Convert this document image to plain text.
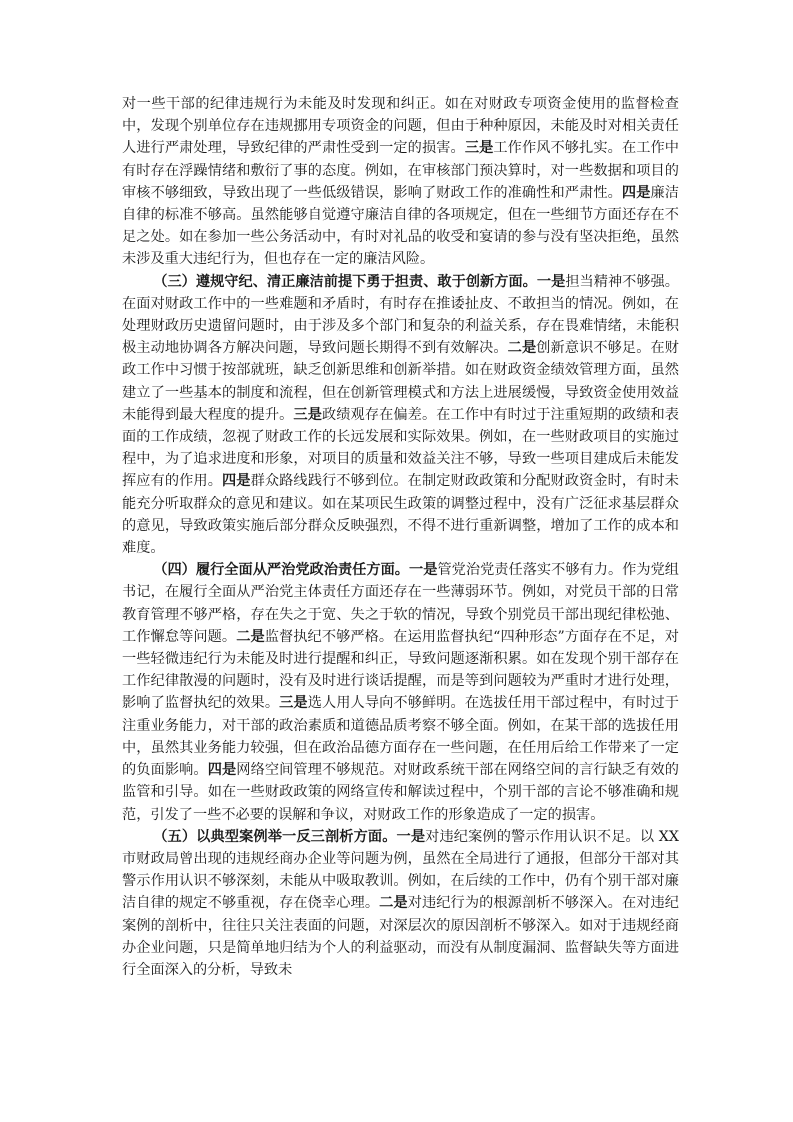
对一些干部的纪律违规行为未能及时发现和纠正。如在对财政专项资金使用的监督检查中，发现个别单位存在违规挪用专项资金的问题，但由于种种原因，未能及时对相关责任人进行严肃处理，导致纪律的严肃性受到一定的损害。三是工作作风不够扎实。在工作中有时存在浮躁情绪和敷衍了事的态度。例如，在审核部门预决算时，对一些数据和项目的审核不够细致，导致出现了一些低级错误，影响了财政工作的准确性和严肃性。四是廉洁自律的标准不够高。虽然能够自觉遵守廉洁自律的各项规定，但在一些细节方面还存在不足之处。如在参加一些公务活动中，有时对礼品的收受和宴请的参与没有坚决拒绝，虽然未涉及重大违纪行为，但也存在一定的廉洁风险。

（三）遵规守纪、清正廉洁前提下勇于担责、敢于创新方面。一是担当精神不够强。在面对财政工作中的一些难题和矛盾时，有时存在推诿扯皮、不敢担当的情况。例如，在处理财政历史遗留问题时，由于涉及多个部门和复杂的利益关系，存在畏难情绪，未能积极主动地协调各方解决问题，导致问题长期得不到有效解决。二是创新意识不够足。在财政工作中习惯于按部就班，缺乏创新思维和创新举措。如在财政资金绩效管理方面，虽然建立了一些基本的制度和流程，但在创新管理模式和方法上进展缓慢，导致资金使用效益未能得到最大程度的提升。三是政绩观存在偏差。在工作中有时过于注重短期的政绩和表面的工作成绩，忽视了财政工作的长远发展和实际效果。例如，在一些财政项目的实施过程中，为了追求进度和形象，对项目的质量和效益关注不够，导致一些项目建成后未能发挥应有的作用。四是群众路线践行不够到位。在制定财政政策和分配财政资金时，有时未能充分听取群众的意见和建议。如在某项民生政策的调整过程中，没有广泛征求基层群众的意见，导致政策实施后部分群众反映强烈，不得不进行重新调整，增加了工作的成本和难度。

（四）履行全面从严治党政治责任方面。一是管党治党责任落实不够有力。作为党组书记，在履行全面从严治党主体责任方面还存在一些薄弱环节。例如，对党员干部的日常教育管理不够严格，存在失之于宽、失之于软的情况，导致个别党员干部出现纪律松弛、工作懈怠等问题。二是监督执纪不够严格。在运用监督执纪“四种形态”方面存在不足，对一些轻微违纪行为未能及时进行提醒和纠正，导致问题逐渐积累。如在发现个别干部存在工作纪律散漫的问题时，没有及时进行谈话提醒，而是等到问题较为严重时才进行处理，影响了监督执纪的效果。三是选人用人导向不够鲜明。在选拔任用干部过程中，有时过于注重业务能力，对干部的政治素质和道德品质考察不够全面。例如，在某干部的选拔任用中，虽然其业务能力较强，但在政治品德方面存在一些问题，在任用后给工作带来了一定的负面影响。四是网络空间管理不够规范。对财政系统干部在网络空间的言行缺乏有效的监管和引导。如在一些财政政策的网络宣传和解读过程中，个别干部的言论不够准确和规范，引发了一些不必要的误解和争议，对财政工作的形象造成了一定的损害。

（五）以典型案例举一反三剖析方面。一是对违纪案例的警示作用认识不足。以 XX 市财政局曾出现的违规经商办企业等问题为例，虽然在全局进行了通报，但部分干部对其警示作用认识不够深刻，未能从中吸取教训。例如，在后续的工作中，仍有个别干部对廉洁自律的规定不够重视，存在侥幸心理。二是对违纪行为的根源剖析不够深入。在对违纪案例的剖析中，往往只关注表面的问题，对深层次的原因剖析不够深入。如对于违规经商办企业问题，只是简单地归结为个人的利益驱动，而没有从制度漏洞、监督缺失等方面进行全面深入的分析，导致未
